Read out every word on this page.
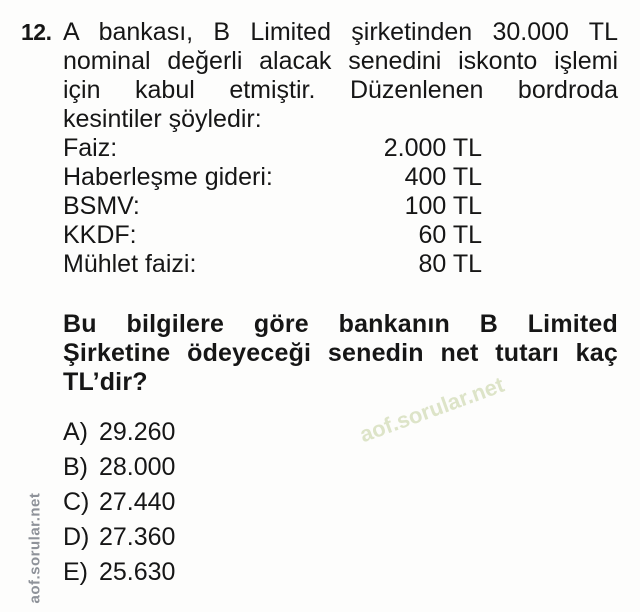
aof.sorular.net
aof.sorular.net
12. A bankası, B Limited şirketinden 30.000 TL
nominal değerli alacak senedini iskonto işlemi
için kabul etmiştir. Düzenlenen bordroda
kesintiler şöyledir:
Faiz:	2.000 TL
Haberleşme gideri:	400 TL
BSMV:	100 TL
KKDF:	60 TL
Mühlet faizi:	80 TL
Bu bilgilere göre bankanın B Limited
Şirketine ödeyeceği senedin net tutarı kaç
TL’dir?
A) 29.260
B) 28.000
C) 27.440
D) 27.360
E) 25.630
